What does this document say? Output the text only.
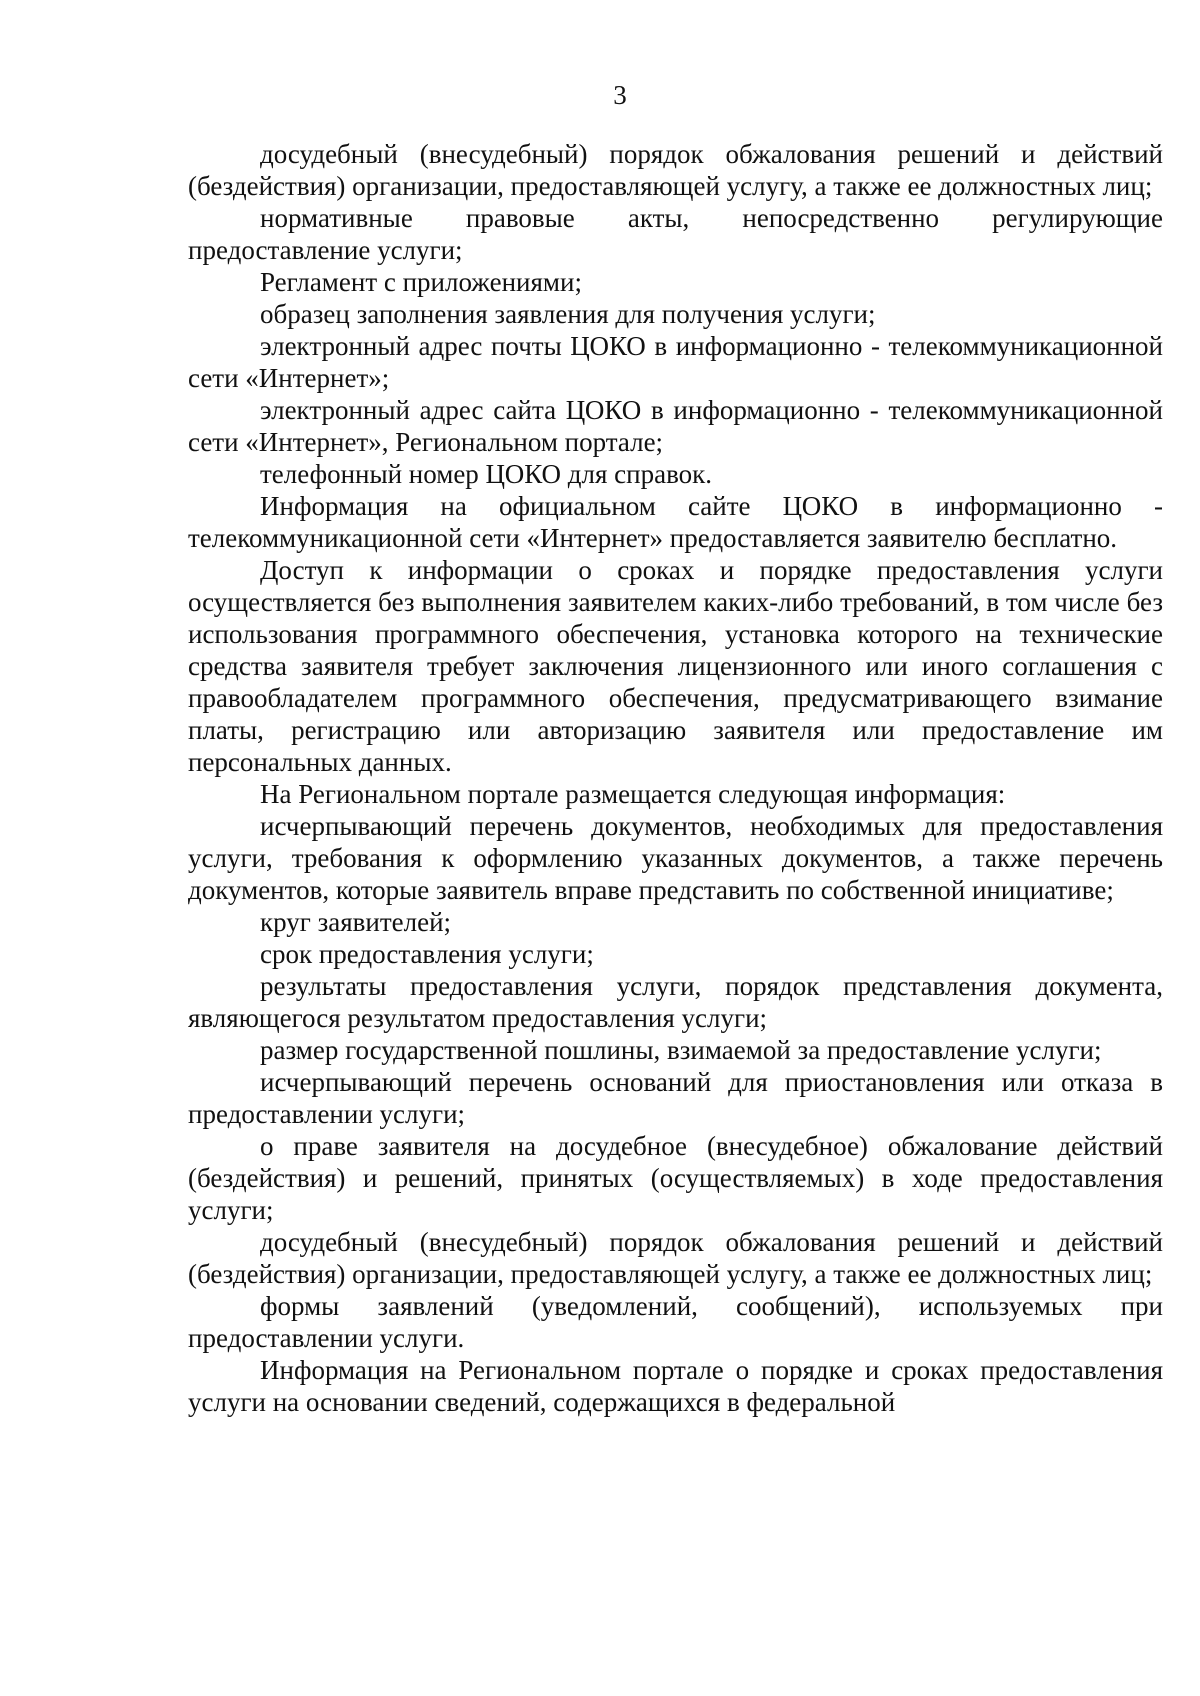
3

досудебный (внесудебный) порядок обжалования решений и действий (бездействия) организации, предоставляющей услугу, а также ее должностных лиц;

нормативные правовые акты, непосредственно регулирующие предоставление услуги;

Регламент с приложениями;

образец заполнения заявления для получения услуги;

электронный адрес почты ЦОКО в информационно - телекоммуникационной сети «Интернет»;

электронный адрес сайта ЦОКО в информационно - телекоммуникационной сети «Интернет», Региональном портале;

телефонный номер ЦОКО для справок.

Информация на официальном сайте ЦОКО в информационно - телекоммуникационной сети «Интернет» предоставляется заявителю бесплатно.

Доступ к информации о сроках и порядке предоставления услуги осуществляется без выполнения заявителем каких-либо требований, в том числе без использования программного обеспечения, установка которого на технические средства заявителя требует заключения лицензионного или иного соглашения с правообладателем программного обеспечения, предусматривающего взимание платы, регистрацию или авторизацию заявителя или предоставление им персональных данных.

На Региональном портале размещается следующая информация:

исчерпывающий перечень документов, необходимых для предоставления услуги, требования к оформлению указанных документов, а также перечень документов, которые заявитель вправе представить по собственной инициативе;

круг заявителей;

срок предоставления услуги;

результаты предоставления услуги, порядок представления документа, являющегося результатом предоставления услуги;

размер государственной пошлины, взимаемой за предоставление услуги;

исчерпывающий перечень оснований для приостановления или отказа в предоставлении услуги;

о праве заявителя на досудебное (внесудебное) обжалование действий (бездействия) и решений, принятых (осуществляемых) в ходе предоставления услуги;

досудебный (внесудебный) порядок обжалования решений и действий (бездействия) организации, предоставляющей услугу, а также ее должностных лиц;

формы заявлений (уведомлений, сообщений), используемых при предоставлении услуги.

Информация на Региональном портале о порядке и сроках предоставления услуги на основании сведений, содержащихся в федеральной
